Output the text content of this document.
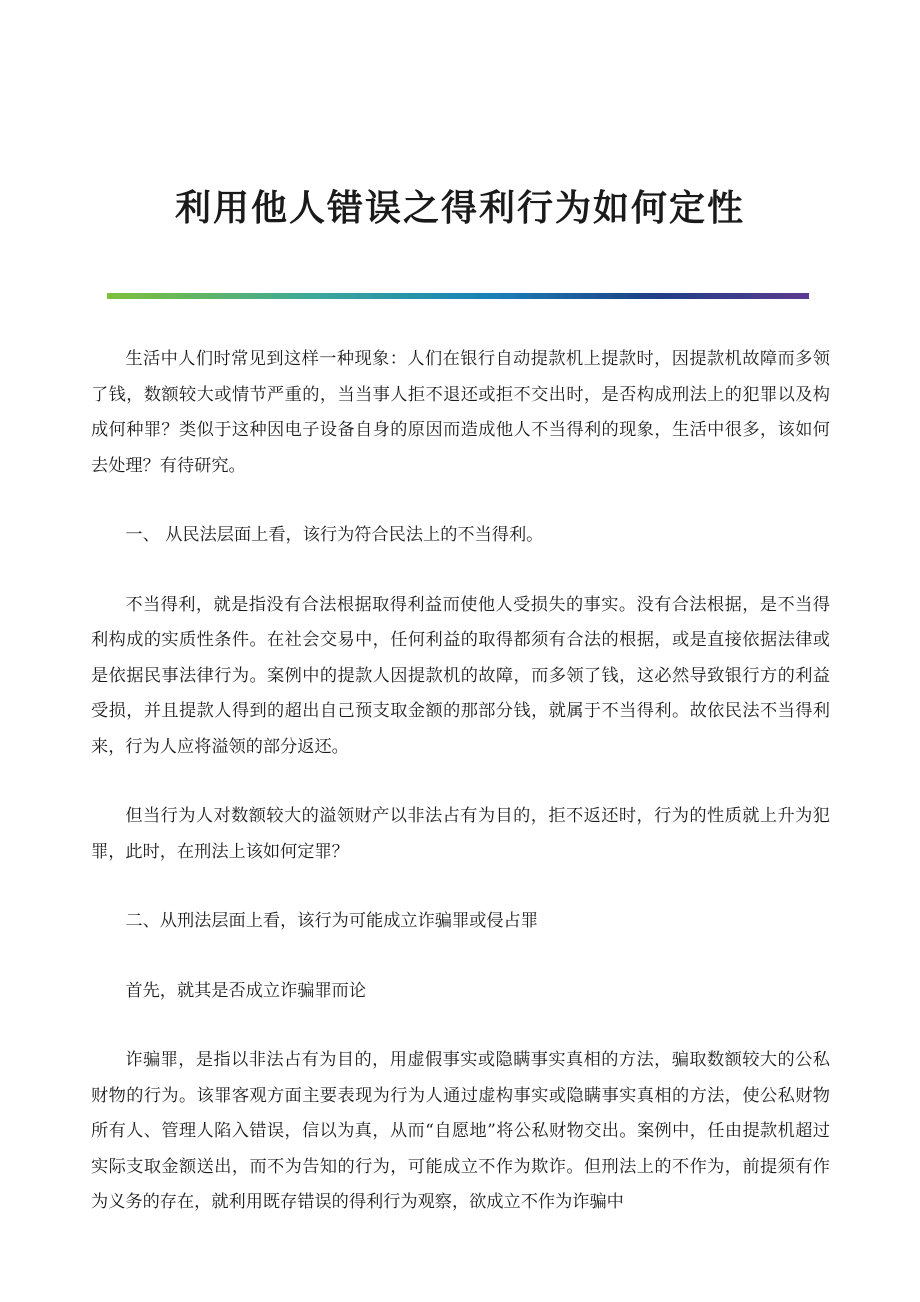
利用他人错误之得利行为如何定性

生活中人们时常见到这样一种现象：人们在银行自动提款机上提款时，因提款机故障而多领了钱，数额较大或情节严重的，当当事人拒不退还或拒不交出时，是否构成刑法上的犯罪以及构成何种罪？类似于这种因电子设备自身的原因而造成他人不当得利的现象，生活中很多，该如何去处理？有待研究。

一、 从民法层面上看，该行为符合民法上的不当得利。

不当得利，就是指没有合法根据取得利益而使他人受损失的事实。没有合法根据，是不当得利构成的实质性条件。在社会交易中，任何利益的取得都须有合法的根据，或是直接依据法律或是依据民事法律行为。案例中的提款人因提款机的故障，而多领了钱，这必然导致银行方的利益受损，并且提款人得到的超出自己预支取金额的那部分钱，就属于不当得利。故依民法不当得利来，行为人应将溢领的部分返还。

但当行为人对数额较大的溢领财产以非法占有为目的，拒不返还时，行为的性质就上升为犯罪，此时，在刑法上该如何定罪？

二、从刑法层面上看，该行为可能成立诈骗罪或侵占罪

首先，就其是否成立诈骗罪而论

诈骗罪，是指以非法占有为目的，用虚假事实或隐瞒事实真相的方法，骗取数额较大的公私财物的行为。该罪客观方面主要表现为行为人通过虚构事实或隐瞒事实真相的方法，使公私财物所有人、管理人陷入错误，信以为真，从而“自愿地”将公私财物交出。案例中，任由提款机超过实际支取金额送出，而不为告知的行为，可能成立不作为欺诈。但刑法上的不作为，前提须有作为义务的存在，就利用既存错误的得利行为观察，欲成立不作为诈骗中
